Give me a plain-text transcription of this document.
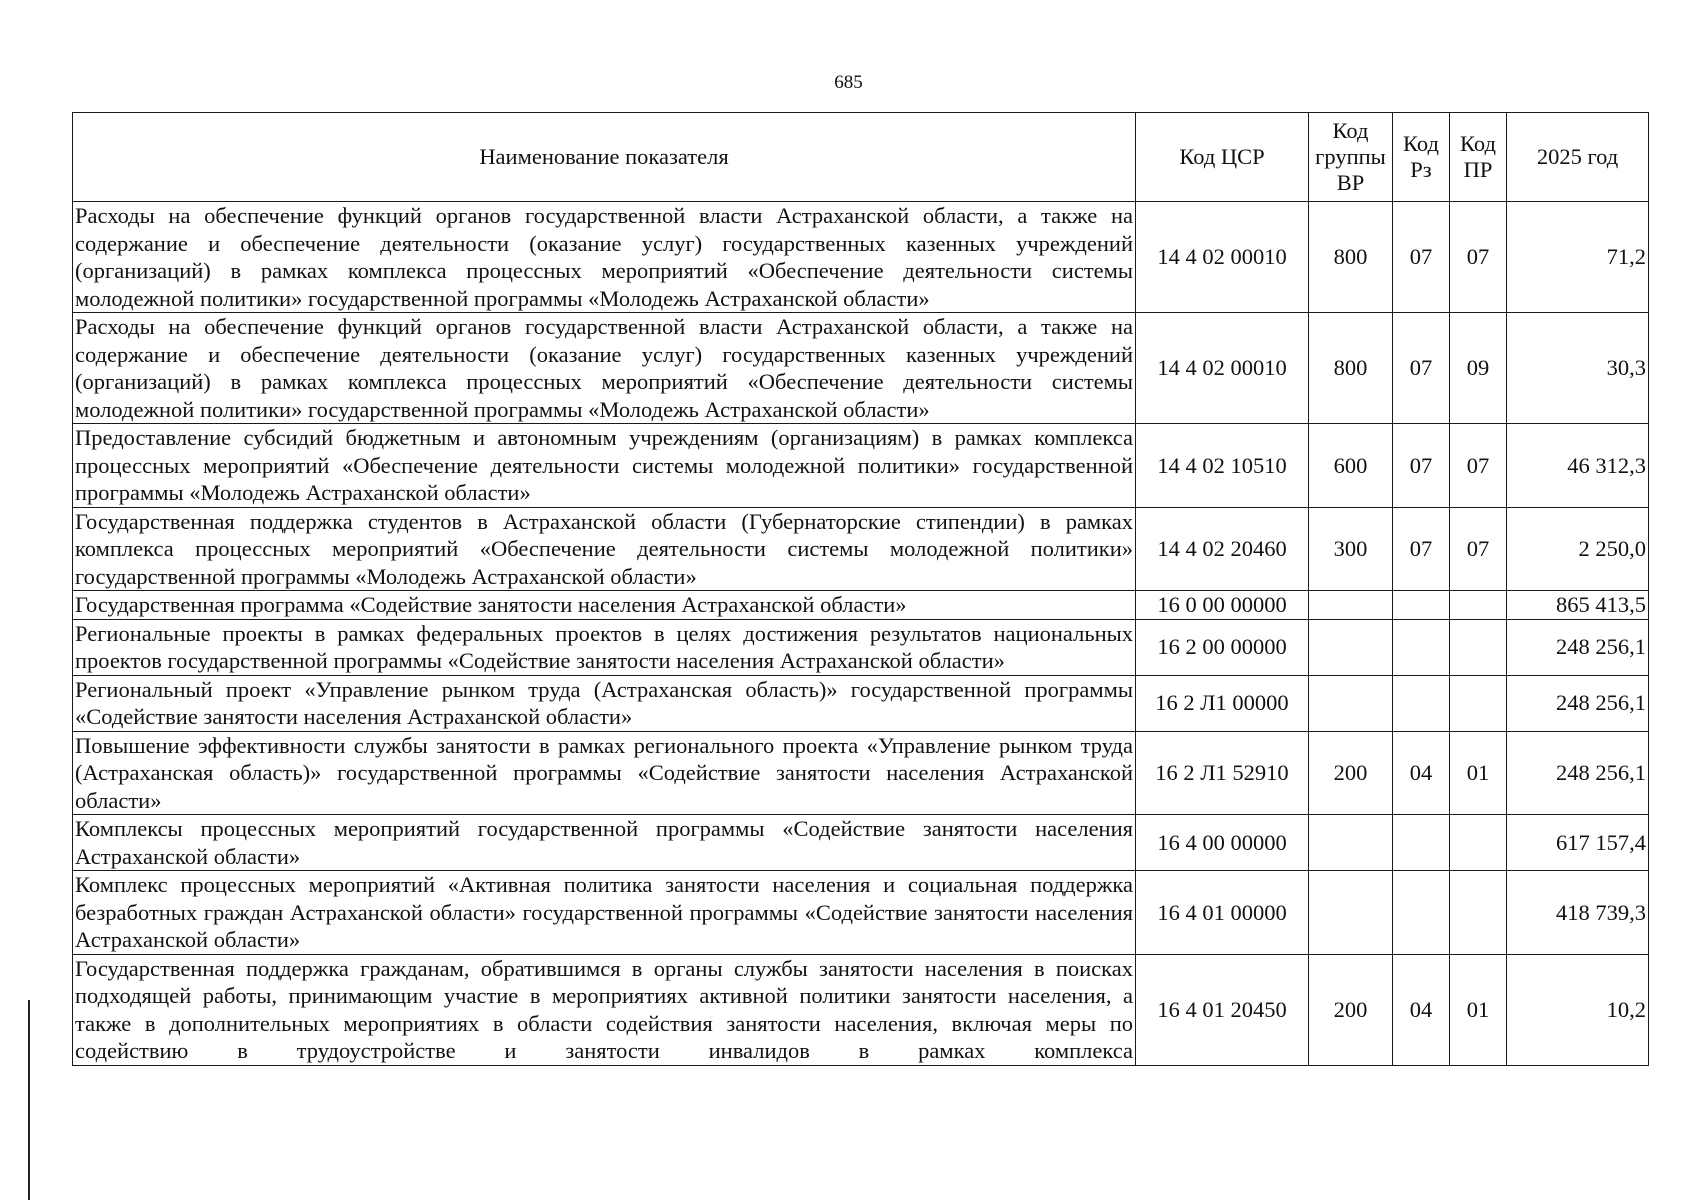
685
Наименование показателя	Код ЦСР	Код группы ВР	Код Рз	Код ПР	2025 год
Расходы на обеспечение функций органов государственной власти Астраханской области, а также на содержание и обеспечение деятельности (оказание услуг) государственных казенных учреждений (организаций) в рамках комплекса процессных мероприятий «Обеспечение деятельности системы молодежной политики» государственной программы «Молодежь Астраханской области»	14 4 02 00010	800	07	07	71,2
Расходы на обеспечение функций органов государственной власти Астраханской области, а также на содержание и обеспечение деятельности (оказание услуг) государственных казенных учреждений (организаций) в рамках комплекса процессных мероприятий «Обеспечение деятельности системы молодежной политики» государственной программы «Молодежь Астраханской области»	14 4 02 00010	800	07	09	30,3
Предоставление субсидий бюджетным и автономным учреждениям (организациям) в рамках комплекса процессных мероприятий «Обеспечение деятельности системы молодежной политики» государственной программы «Молодежь Астраханской области»	14 4 02 10510	600	07	07	46 312,3
Государственная поддержка студентов в Астраханской области (Губернаторские стипендии) в рамках комплекса процессных мероприятий «Обеспечение деятельности системы молодежной политики» государственной программы «Молодежь Астраханской области»	14 4 02 20460	300	07	07	2 250,0
Государственная программа «Содействие занятости населения Астраханской области»	16 0 00 00000				865 413,5
Региональные проекты в рамках федеральных проектов в целях достижения результатов национальных проектов государственной программы «Содействие занятости населения Астраханской области»	16 2 00 00000				248 256,1
Региональный проект «Управление рынком труда (Астраханская область)» государственной программы «Содействие занятости населения Астраханской области»	16 2 Л1 00000				248 256,1
Повышение эффективности службы занятости в рамках регионального проекта «Управление рынком труда (Астраханская область)» государственной программы «Содействие занятости населения Астраханской области»	16 2 Л1 52910	200	04	01	248 256,1
Комплексы процессных мероприятий государственной программы «Содействие занятости населения Астраханской области»	16 4 00 00000				617 157,4
Комплекс процессных мероприятий «Активная политика занятости населения и социальная поддержка безработных граждан Астраханской области» государственной программы «Содействие занятости населения Астраханской области»	16 4 01 00000				418 739,3
Государственная поддержка гражданам, обратившимся в органы службы занятости населения в поисках подходящей работы, принимающим участие в мероприятиях активной политики занятости населения, а также в дополнительных мероприятиях в области содействия занятости населения, включая меры по содействию в трудоустройстве и занятости инвалидов в рамках комплекса	16 4 01 20450	200	04	01	10,2
